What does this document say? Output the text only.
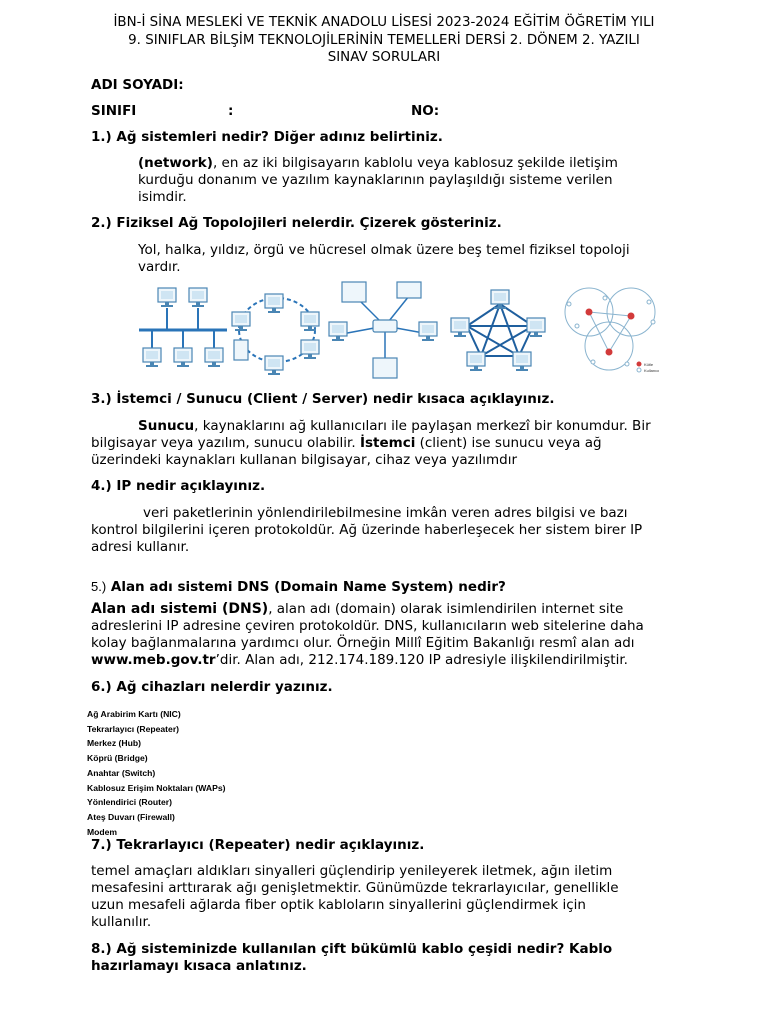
İBN-İ SİNA MESLEKİ VE TEKNİK ANADOLU LİSESİ 2023-2024 EĞİTİM ÖĞRETİM YILI
9. SINIFLAR BİLŞİM TEKNOLOJİLERİNİN TEMELLERİ DERSİ 2. DÖNEM 2. YAZILI
SINAV SORULARI
ADI SOYADI:
SINIFI	:	NO:
1.) Ağ sistemleri nedir? Diğer adınız belirtiniz.
(network), en az iki bilgisayarın kablolu veya kablosuz şekilde iletişim
kurduğu donanım ve yazılım kaynaklarının paylaşıldığı sisteme verilen
isimdir.
2.) Fiziksel Ağ Topolojileri nelerdir. Çizerek gösteriniz.
Yol, halka, yıldız, örgü ve hücresel olmak üzere beş temel fiziksel topoloji
vardır.
Kütle
Kullanıcı
3.) İstemci / Sunucu (Client / Server) nedir kısaca açıklayınız.
Sunucu, kaynaklarını ağ kullanıcıları ile paylaşan merkezî bir konumdur. Bir
bilgisayar veya yazılım, sunucu olabilir. İstemci (client) ise sunucu veya ağ
üzerindeki kaynakları kullanan bilgisayar, cihaz veya yazılımdır
4.) IP nedir açıklayınız.
veri paketlerinin yönlendirilebilmesine imkân veren adres bilgisi ve bazı
kontrol bilgilerini içeren protokoldür. Ağ üzerinde haberleşecek her sistem birer IP
adresi kullanır.
5.) Alan adı sistemi DNS (Domain Name System) nedir?
Alan adı sistemi (DNS), alan adı (domain) olarak isimlendirilen internet site
adreslerini IP adresine çeviren protokoldür. DNS, kullanıcıların web sitelerine daha
kolay bağlanmalarına yardımcı olur. Örneğin Millî Eğitim Bakanlığı resmî alan adı
www.meb.gov.tr’dir. Alan adı, 212.174.189.120 IP adresiyle ilişkilendirilmiştir.
6.) Ağ cihazları nelerdir yazınız.
Ağ Arabirim Kartı (NIC)
Tekrarlayıcı (Repeater)
Merkez (Hub)
Köprü (Bridge)
Anahtar (Switch)
Kablosuz Erişim Noktaları (WAPs)
Yönlendirici (Router)
Ateş Duvarı (Firewall)
Modem
7.) Tekrarlayıcı (Repeater) nedir açıklayınız.
temel amaçları aldıkları sinyalleri güçlendirip yenileyerek iletmek, ağın iletim
mesafesini arttırarak ağı genişletmektir. Günümüzde tekrarlayıcılar, genellikle
uzun mesafeli ağlarda fiber optik kabloların sinyallerini güçlendirmek için
kullanılır.
8.) Ağ sisteminizde kullanılan çift bükümlü kablo çeşidi nedir? Kablo
hazırlamayı kısaca anlatınız.
